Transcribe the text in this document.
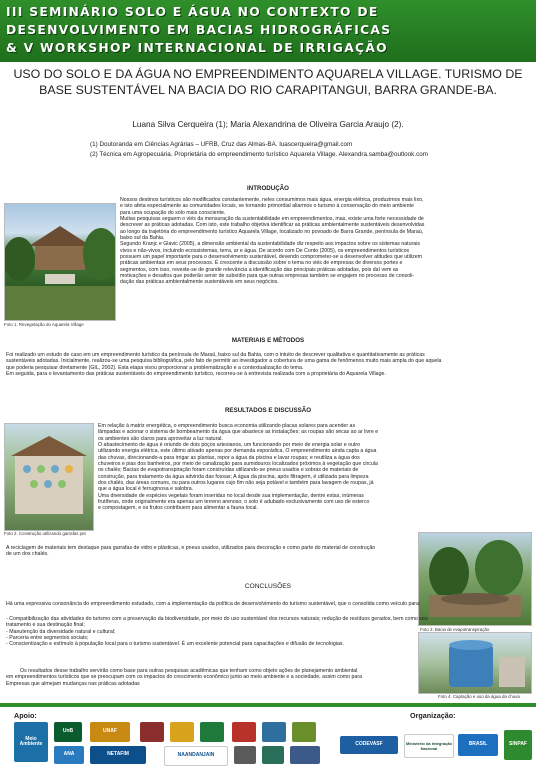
III SEMINÁRIO SOLO E ÁGUA NO CONTEXTO DE
DESENVOLVIMENTO EM BACIAS HIDROGRÁFICAS
& V WORKSHOP INTERNACIONAL DE IRRIGAÇÃO
USO DO SOLO E DA ÁGUA NO EMPREENDIMENTO AQUARELA VILLAGE. TURISMO DE
BASE SUSTENTÁVEL NA BACIA DO RIO CARAPITANGUI, BARRA GRANDE-BA.
Luana Silva Cerqueira (1); Maria Alexandrina de Oliveira Garcia Araujo (2).
(1) Doutoranda em Ciências Agrárias – UFRB, Cruz das Almas-BA. luascerqueira@gmail.com
(2) Técnica em Agropecuária. Proprietária do empreendimento turístico Aquarela Village. Alexandra.samba@outlook.com
INTRODUÇÃO
Foto 1. Revegetação do Aquarela Village
Nossos destinos turísticos são modificados constantemente, neles consumimos mais água, energia elétrica, produzimos mais lixo,
e isto afeta especialmente as comunidades locais, se tornando primordial aliarmos o turismo à conservação do meio ambiente
para uma ocupação do solo mais consciente.
Muitas pesquisas seguem o viés da mensuração da sustentabilidade em empreendimentos, mas, existe uma forte necessidade de
descrever as práticas adotadas. Com isto, este trabalho objetiva identificar as práticas ambientalmente sustentáveis desenvolvidas
ao longo da trajetória do empreendimento turístico Aquarela Village, localizado no povoado de Barra Grande, península de Maraú,
baixo sul da Bahia.
Segundo Kranjc e Glavic (2005), a dimensão ambiental da sustentabilidade diz respeito aos impactos sobre os sistemas naturais
vivos e não-vivos, incluindo ecossistemas, terra, ar e água. De acordo com De Conto (2005), os empreendimentos turísticos
possuem um papel importante para o desenvolvimento sustentável, devendo comprometer-se a desenvolver atitudes que utilizem
práticas ambientais em seus processos. É crescente a discussão sobre o tema no viés de empresas de diversos portes e
segmentos, com isso, reveste-se de grande relevância a identificação das principais práticas adotadas, pois daí vem as
motivações e desafios que poderão servir de subsídio para que outras empresas também se engajem no processo de consoli-
dação das práticas ambientalmente sustentáveis em seus negócios.
MATERIAIS E MÉTODOS
Foi realizado um estudo de caso em um empreendimento turístico da península de Maraú, baixo sul da Bahia, com o intuito de descrever qualitativa e quantitativamente as práticas
sustentáveis adotadas. Inicialmente, realizou-se uma pesquisa bibliográfica, pelo fato de permitir ao investigador a cobertura de uma gama de fenômenos muito mais ampla do que aquela
que poderia pesquisar diretamente (GIL, 2002). Esta etapa visou proporcionar a problematização e a contextualização do tema.
Em seguida, para o levantamento das práticas sustentáveis do empreendimento turístico, recorreu-se à entrevista realizada com a proprietária do Aquarela Village.
RESULTADOS E DISCUSSÃO
Foto 2. Construção utilizando garrafas pet
Em relação à matriz energética, o empreendimento busca economia utilizando placas solares para acender as
lâmpadas e acionar o sistema de bombeamento da água que abastece as instalações; as roupas são secas ao ar livre e
os ambientes são claros para aproveitar a luz natural.
O abastecimento de água é oriundo de dois poços artesianos, um funcionando por meio de energia solar e outro
utilizando energia elétrica, este último ativado apenas por demanda esporádica. O empreendimento ainda capta a água
das chuvas, direcionando-a para irrigar as plantas, repor a água da piscina e lavar roupas; e reutiliza a água dos
chuveiros e pias dos banheiros, por meio de canalização para sumidouros localizados próximos à vegetação que circula
os chalés; Bacias de evapotranspiração foram construídas utilizando-se pneus usados e sobras de materiais de
construção, para tratamento da água advinda das fossas; A água da piscina, após filtragem, é utilizada para limpeza
dos chalés, das áreas comuns, ou para outros lugares cujo fim não seja potável e também para lavagem de roupas, já
que a água local é ferruginosa e salobra.
Uma diversidade de espécies vegetais foram inseridas no local desde sua implementação, dentre estas, inúmeras
frutíferas, onde originalmente era apenas um terreno arenoso; o solo é adubado exclusivamente com uso de esterco
e compostagem, e os frutos contribuem para alimentar a fauna local.
A reciclagem de materiais tem destaque para garrafas de vidro e plásticas, e pneus usados, utilizados para decoração e como parte do material de construção
de um dos chalés.
Foto 3. Bacia de evapotranspiração
CONCLUSÕES
Há uma expressiva consonância do empreendimento estudado, com a implementação da política de desenvolvimento do turismo sustentável, que o consolida como veículo para:
- Compatibilização das atividades do turismo com a preservação da biodiversidade, por meio do uso sustentável dos recursos naturais; redução de resíduos gerados, bem como seu
tratamento e sua destinação final;
- Manutenção da diversidade natural e cultural;
- Parceria entre segmentos sociais;
- Conscientização e estímulo à população local para o turismo sustentável. É um excelente potencial para capacitações e difusão de tecnologias.
Os resultados desse trabalho servirão como base para outras pesquisas acadêmicas que tenham como objeto ações de planejamento ambiental
em empreendimentos turísticos que se preocupam com os impactos do crescimento econômico junto ao meio ambiente e a sociedade, assim como para
Empresas que almejam mudanças nas práticas adotadas
Foto 4. Captação e uso da água da chuva
Apoio:	Organização:
Meio Ambiente
UnB	UNAF
ANA	NETAFIM	NAANDANJAIN
CODEVASF	Ministério da Integração Nacional
BRASIL	SINPAF
